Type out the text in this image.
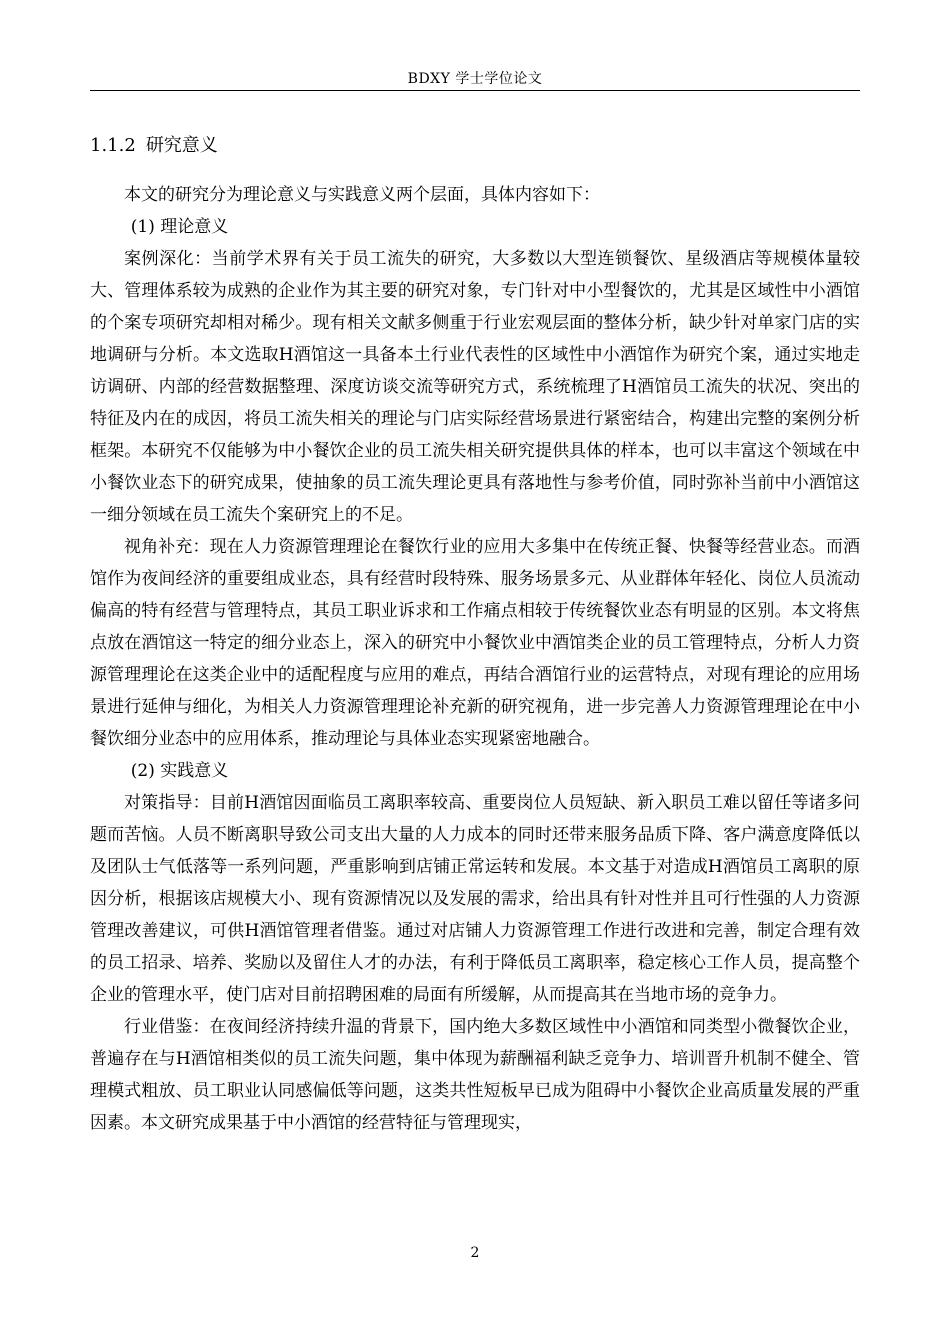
BDXY 学士学位论文
1.1.2 研究意义

本文的研究分为理论意义与实践意义两个层面，具体内容如下：

(1) 理论意义

案例深化：当前学术界有关于员工流失的研究，大多数以大型连锁餐饮、星级酒店等规模体量较大、管理体系较为成熟的企业作为其主要的研究对象，专门针对中小型餐饮的，尤其是区域性中小酒馆的个案专项研究却相对稀少。现有相关文献多侧重于行业宏观层面的整体分析，缺少针对单家门店的实地调研与分析。本文选取H酒馆这一具备本土行业代表性的区域性中小酒馆作为研究个案，通过实地走访调研、内部的经营数据整理、深度访谈交流等研究方式，系统梳理了H酒馆员工流失的状况、突出的特征及内在的成因，将员工流失相关的理论与门店实际经营场景进行紧密结合，构建出完整的案例分析框架。本研究不仅能够为中小餐饮企业的员工流失相关研究提供具体的样本，也可以丰富这个领域在中小餐饮业态下的研究成果，使抽象的员工流失理论更具有落地性与参考价值，同时弥补当前中小酒馆这一细分领域在员工流失个案研究上的不足。

视角补充：现在人力资源管理理论在餐饮行业的应用大多集中在传统正餐、快餐等经营业态。而酒馆作为夜间经济的重要组成业态，具有经营时段特殊、服务场景多元、从业群体年轻化、岗位人员流动偏高的特有经营与管理特点，其员工职业诉求和工作痛点相较于传统餐饮业态有明显的区别。本文将焦点放在酒馆这一特定的细分业态上，深入的研究中小餐饮业中酒馆类企业的员工管理特点，分析人力资源管理理论在这类企业中的适配程度与应用的难点，再结合酒馆行业的运营特点，对现有理论的应用场景进行延伸与细化，为相关人力资源管理理论补充新的研究视角，进一步完善人力资源管理理论在中小餐饮细分业态中的应用体系，推动理论与具体业态实现紧密地融合。

(2) 实践意义

对策指导：目前H酒馆因面临员工离职率较高、重要岗位人员短缺、新入职员工难以留任等诸多问题而苦恼。人员不断离职导致公司支出大量的人力成本的同时还带来服务品质下降、客户满意度降低以及团队士气低落等一系列问题，严重影响到店铺正常运转和发展。本文基于对造成H酒馆员工离职的原因分析，根据该店规模大小、现有资源情况以及发展的需求，给出具有针对性并且可行性强的人力资源管理改善建议，可供H酒馆管理者借鉴。通过对店铺人力资源管理工作进行改进和完善，制定合理有效的员工招录、培养、奖励以及留住人才的办法，有利于降低员工离职率，稳定核心工作人员，提高整个企业的管理水平，使门店对目前招聘困难的局面有所缓解，从而提高其在当地市场的竞争力。

行业借鉴：在夜间经济持续升温的背景下，国内绝大多数区域性中小酒馆和同类型小微餐饮企业，普遍存在与H酒馆相类似的员工流失问题，集中体现为薪酬福利缺乏竞争力、培训晋升机制不健全、管理模式粗放、员工职业认同感偏低等问题，这类共性短板早已成为阻碍中小餐饮企业高质量发展的严重因素。本文研究成果基于中小酒馆的经营特征与管理现实，

2
